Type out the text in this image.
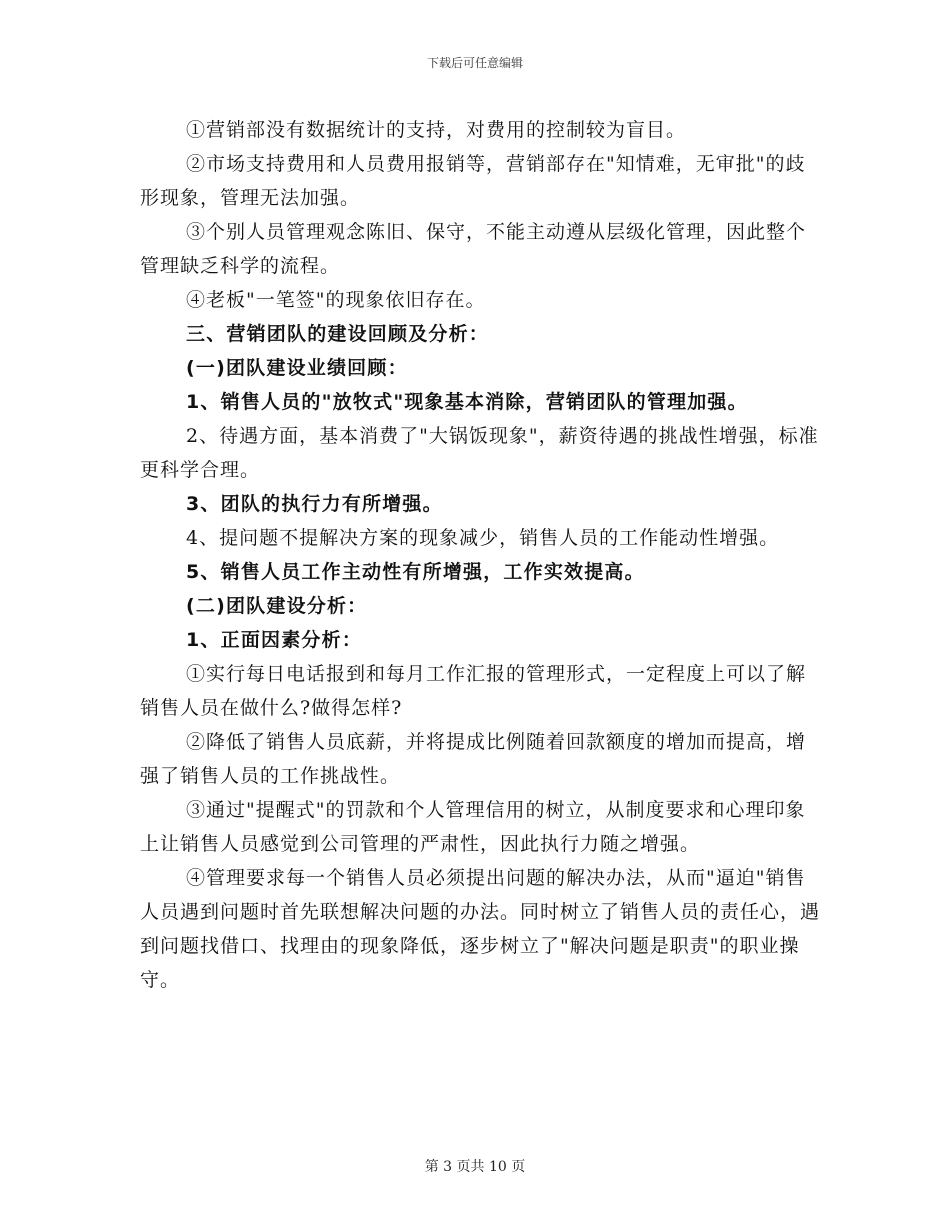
下载后可任意编辑

①营销部没有数据统计的支持，对费用的控制较为盲目。

②市场支持费用和人员费用报销等，营销部存在"知情难，无审批"的歧形现象，管理无法加强。

③个别人员管理观念陈旧、保守，不能主动遵从层级化管理，因此整个管理缺乏科学的流程。

④老板"一笔签"的现象依旧存在。

三、营销团队的建设回顾及分析：

(一)团队建设业绩回顾：

1、销售人员的"放牧式"现象基本消除，营销团队的管理加强。

2、待遇方面，基本消费了"大锅饭现象"，薪资待遇的挑战性增强，标准更科学合理。

3、团队的执行力有所增强。

4、提问题不提解决方案的现象减少，销售人员的工作能动性增强。

5、销售人员工作主动性有所增强，工作实效提高。

(二)团队建设分析：

1、正面因素分析：

①实行每日电话报到和每月工作汇报的管理形式，一定程度上可以了解销售人员在做什么?做得怎样?

②降低了销售人员底薪，并将提成比例随着回款额度的增加而提高，增强了销售人员的工作挑战性。

③通过"提醒式"的罚款和个人管理信用的树立，从制度要求和心理印象上让销售人员感觉到公司管理的严肃性，因此执行力随之增强。

④管理要求每一个销售人员必须提出问题的解决办法，从而"逼迫"销售人员遇到问题时首先联想解决问题的办法。同时树立了销售人员的责任心，遇到问题找借口、找理由的现象降低，逐步树立了"解决问题是职责"的职业操守。

第 3 页共 10 页
